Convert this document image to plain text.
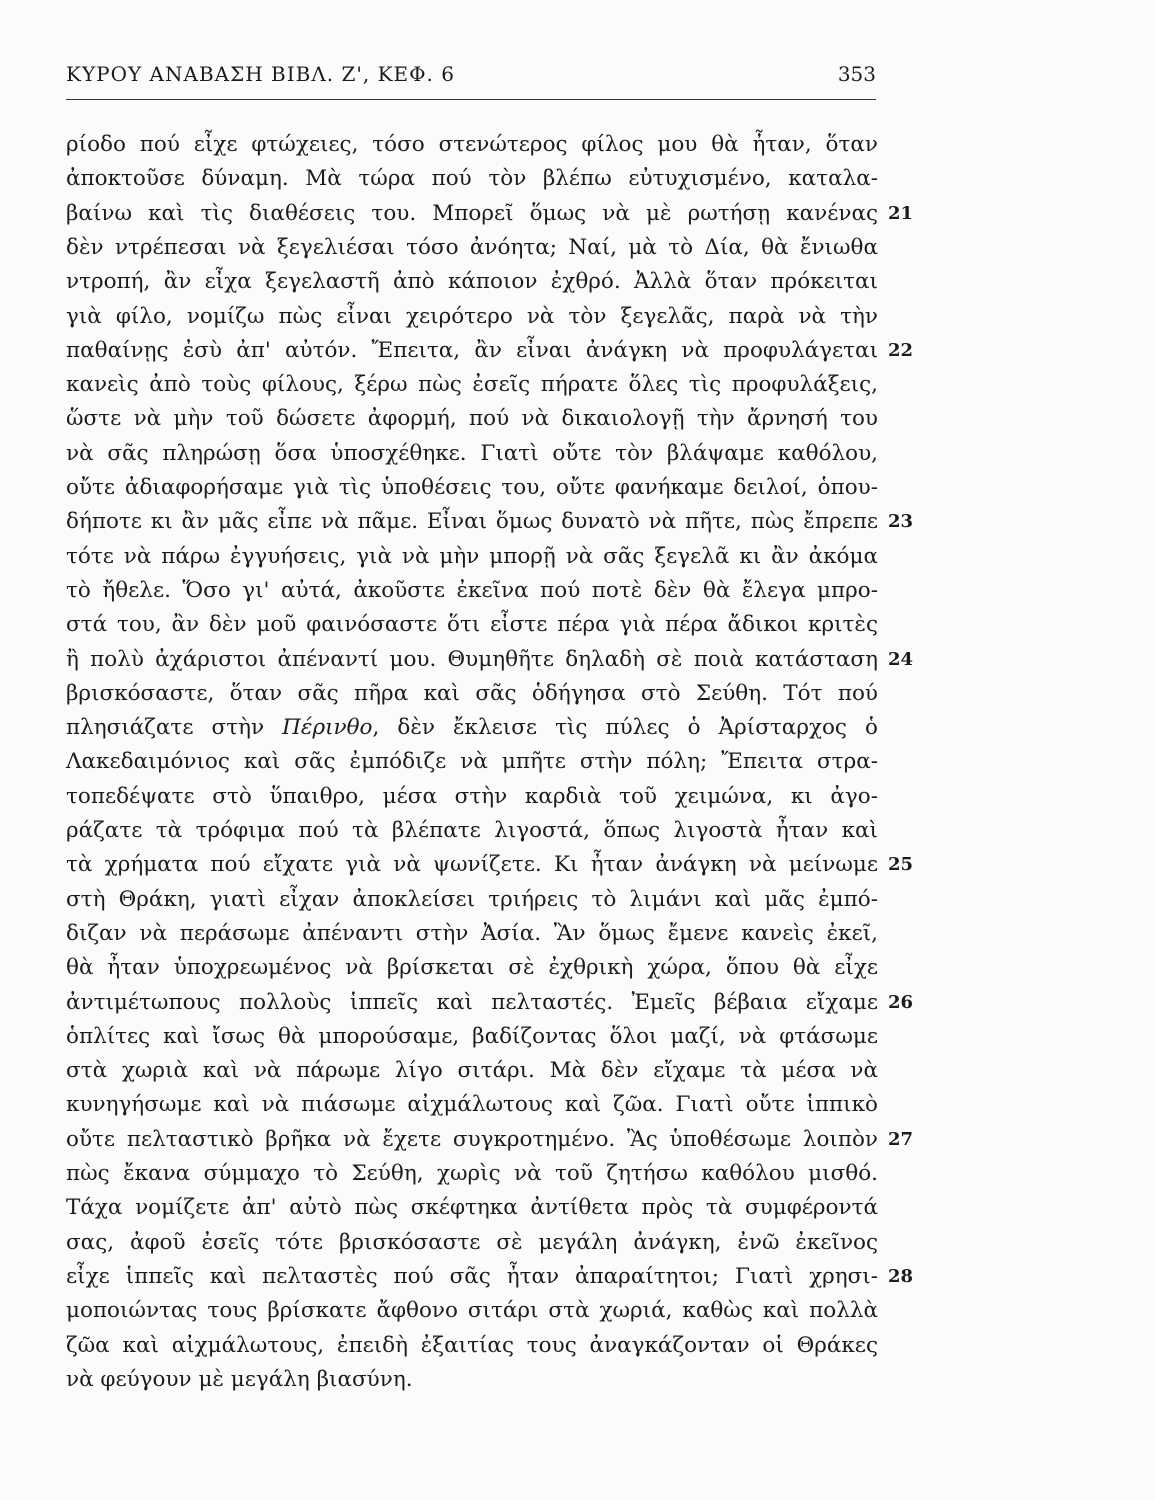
ΚΥΡΟΥ ΑΝΑΒΑΣΗ ΒΙΒΛ. Ζ', ΚΕΦ. 6	353
ρίοδο πού εἶχε φτώχειες, τόσο στενώτερος φίλος μου θὰ ἦταν, ὅταν
ἀποκτοῦσε δύναμη. Μὰ τώρα πού τὸν βλέπω εὐτυχισμένο, καταλα-
βαίνω καὶ τὶς διαθέσεις του. Μπορεῖ ὅμως νὰ μὲ ρωτήσῃ κανένας 21
δὲν ντρέπεσαι νὰ ξεγελιέσαι τόσο ἀνόητα; Ναί, μὰ τὸ Δία, θὰ ἔνιωθα
ντροπή, ἂν εἶχα ξεγελαστῆ ἀπὸ κάποιον ἐχθρό. Ἀλλὰ ὅταν πρόκειται
γιὰ φίλο, νομίζω πὼς εἶναι χειρότερο νὰ τὸν ξεγελᾶς, παρὰ νὰ τὴν
παθαίνῃς ἐσὺ ἀπ' αὐτόν. Ἔπειτα, ἂν εἶναι ἀνάγκη νὰ προφυλάγεται 22
κανεὶς ἀπὸ τοὺς φίλους, ξέρω πὼς ἐσεῖς πήρατε ὅλες τὶς προφυλάξεις,
ὥστε νὰ μὴν τοῦ δώσετε ἀφορμή, πού νὰ δικαιολογῇ τὴν ἄρνησή του
νὰ σᾶς πληρώσῃ ὅσα ὑποσχέθηκε. Γιατὶ οὔτε τὸν βλάψαμε καθόλου,
οὔτε ἀδιαφορήσαμε γιὰ τὶς ὑποθέσεις του, οὔτε φανήκαμε δειλοί, ὁπου-
δήποτε κι ἂν μᾶς εἶπε νὰ πᾶμε. Εἶναι ὅμως δυνατὸ νὰ πῆτε, πὼς ἔπρεπε 23
τότε νὰ πάρω ἐγγυήσεις, γιὰ νὰ μὴν μπορῇ νὰ σᾶς ξεγελᾶ κι ἂν ἀκόμα
τὸ ἤθελε. Ὅσο γι' αὐτά, ἀκοῦστε ἐκεῖνα πού ποτὲ δὲν θὰ ἔλεγα μπρο-
στά του, ἂν δὲν μοῦ φαινόσαστε ὅτι εἶστε πέρα γιὰ πέρα ἄδικοι κριτὲς
ἢ πολὺ ἀχάριστοι ἀπέναντί μου. Θυμηθῆτε δηλαδὴ σὲ ποιὰ κατάσταση 24
βρισκόσαστε, ὅταν σᾶς πῆρα καὶ σᾶς ὁδήγησα στὸ Σεύθη. Τότ πού
πλησιάζατε στὴν Πέρινθο, δὲν ἔκλεισε τὶς πύλες ὁ Ἀρίσταρχος ὁ
Λακεδαιμόνιος καὶ σᾶς ἐμπόδιζε νὰ μπῆτε στὴν πόλη; Ἔπειτα στρα-
τοπεδέψατε στὸ ὕπαιθρο, μέσα στὴν καρδιὰ τοῦ χειμώνα, κι ἀγο-
ράζατε τὰ τρόφιμα πού τὰ βλέπατε λιγοστά, ὅπως λιγοστὰ ἦταν καὶ
τὰ χρήματα πού εἴχατε γιὰ νὰ ψωνίζετε. Κι ἦταν ἀνάγκη νὰ μείνωμε 25
στὴ Θράκη, γιατὶ εἶχαν ἀποκλείσει τριήρεις τὸ λιμάνι καὶ μᾶς ἐμπό-
διζαν νὰ περάσωμε ἀπέναντι στὴν Ἀσία. Ἂν ὅμως ἔμενε κανεὶς ἐκεῖ,
θὰ ἦταν ὑποχρεωμένος νὰ βρίσκεται σὲ ἐχθρικὴ χώρα, ὅπου θὰ εἶχε
ἀντιμέτωπους πολλοὺς ἱππεῖς καὶ πελταστές. Ἐμεῖς βέβαια εἴχαμε 26
ὁπλίτες καὶ ἴσως θὰ μπορούσαμε, βαδίζοντας ὅλοι μαζί, νὰ φτάσωμε
στὰ χωριὰ καὶ νὰ πάρωμε λίγο σιτάρι. Μὰ δὲν εἴχαμε τὰ μέσα νὰ
κυνηγήσωμε καὶ νὰ πιάσωμε αἰχμάλωτους καὶ ζῶα. Γιατὶ οὔτε ἱππικὸ
οὔτε πελταστικὸ βρῆκα νὰ ἔχετε συγκροτημένο. Ἂς ὑποθέσωμε λοιπὸν 27
πὼς ἔκανα σύμμαχο τὸ Σεύθη, χωρὶς νὰ τοῦ ζητήσω καθόλου μισθό.
Τάχα νομίζετε ἀπ' αὐτὸ πὼς σκέφτηκα ἀντίθετα πρὸς τὰ συμφέροντά
σας, ἀφοῦ ἐσεῖς τότε βρισκόσαστε σὲ μεγάλη ἀνάγκη, ἐνῶ ἐκεῖνος
εἶχε ἱππεῖς καὶ πελταστὲς πού σᾶς ἦταν ἀπαραίτητοι; Γιατὶ χρησι- 28
μοποιώντας τους βρίσκατε ἄφθονο σιτάρι στὰ χωριά, καθὼς καὶ πολλὰ
ζῶα καὶ αἰχμάλωτους, ἐπειδὴ ἐξαιτίας τους ἀναγκάζονταν οἱ Θράκες
νὰ φεύγουν μὲ μεγάλη βιασύνη.
